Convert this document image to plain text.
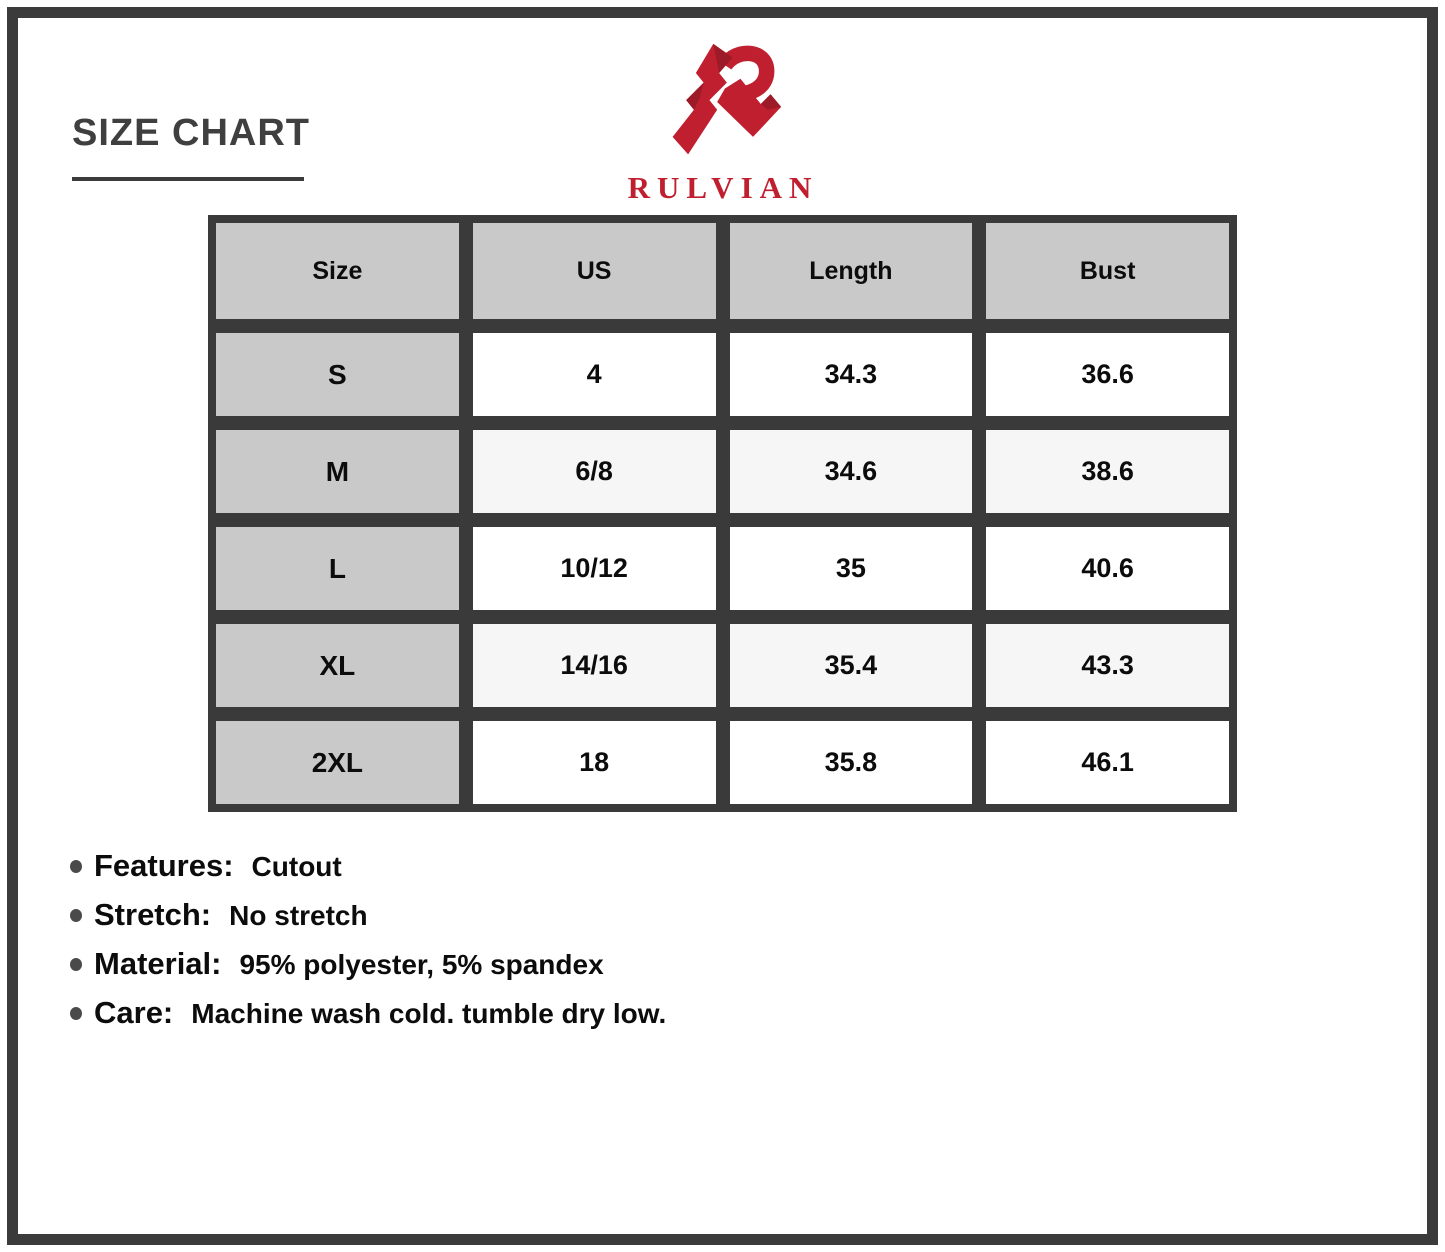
SIZE CHART
RULVIAN
Size	US	Length	Bust
S	4	34.3	36.6
M	6/8	34.6	38.6
L	10/12	35	40.6
XL	14/16	35.4	43.3
2XL	18	35.8	46.1
Features: Cutout
Stretch: No stretch
Material: 95% polyester, 5% spandex
Care: Machine wash cold. tumble dry low.
